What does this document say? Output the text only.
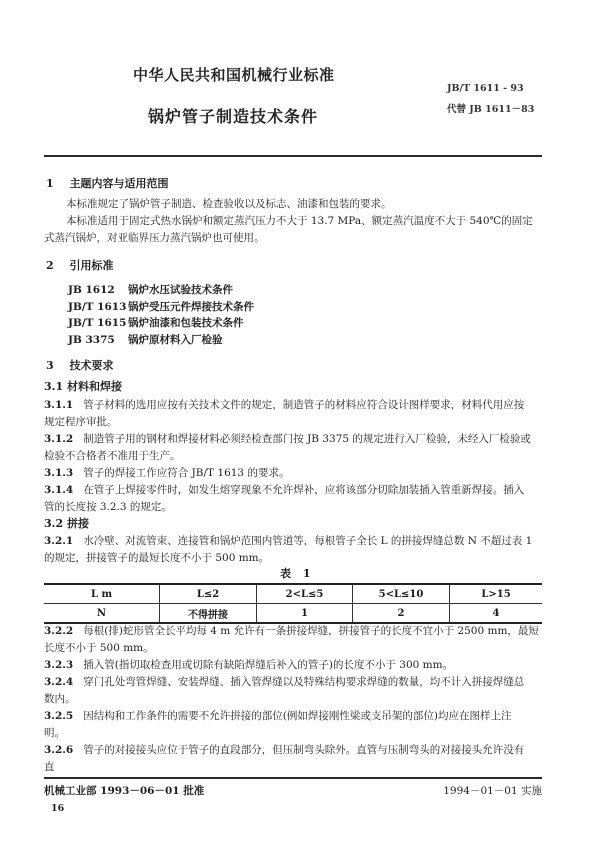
中华人民共和国机械行业标准
锅炉管子制造技术条件
JB/T 1611 - 93
代替 JB 1611－83
1 主题内容与适用范围
本标准规定了锅炉管子制造、检查验收以及标志、油漆和包装的要求。
本标准适用于固定式热水锅炉和额定蒸汽压力不大于 13.7 MPa、额定蒸汽温度不大于 540℃的固定
式蒸汽锅炉，对亚临界压力蒸汽锅炉也可使用。
2 引用标准
JB 1612 锅炉水压试验技术条件
JB/T 1613 锅炉受压元件焊接技术条件
JB/T 1615 锅炉油漆和包装技术条件
JB 3375 锅炉原材料入厂检验
3 技术要求
3.1 材料和焊接
3.1.1 管子材料的选用应按有关技术文件的规定，制造管子的材料应符合设计图样要求，材料代用应按
规定程序审批。
3.1.2 制造管子用的钢材和焊接材料必须经检查部门按 JB 3375 的规定进行入厂检验，未经入厂检验或
检验不合格者不准用于生产。
3.1.3 管子的焊接工作应符合 JB/T 1613 的要求。
3.1.4 在管子上焊接零件时，如发生熔穿现象不允许焊补，应将该部分切除加装插入管重新焊接。插入
管的长度按 3.2.3 的规定。
3.2 拼接
3.2.1 水冷壁、对流管束、连接管和锅炉范围内管道等，每根管子全长 L 的拼接焊缝总数 N 不超过表 1
的规定，拼接管子的最短长度不小于 500 mm。
表 1
L m	L≤2	2<L≤5	5<L≤10	L>15
N	不得拼接	1	2	4
3.2.2 每根(排)蛇形管全长平均每 4 m 允许有一条拼接焊缝，拼接管子的长度不宜小于 2500 mm，最短
长度不小于 500 mm。
3.2.3 插入管(指切取检查用或切除有缺陷焊缝后补入的管子)的长度不小于 300 mm。
3.2.4 穿门孔处弯管焊缝、安装焊缝、插入管焊缝以及特殊结构要求焊缝的数量，均不计入拼接焊缝总
数内。
3.2.5 因结构和工作条件的需要不允许拼接的部位(例如焊接刚性梁或支吊架的部位)均应在图样上注
明。
3.2.6 管子的对接接头应位于管子的直段部分，但压制弯头除外。直管与压制弯头的对接接头允许没有
直
机械工业部 1993－06－01 批准	1994－01－01 实施
16
